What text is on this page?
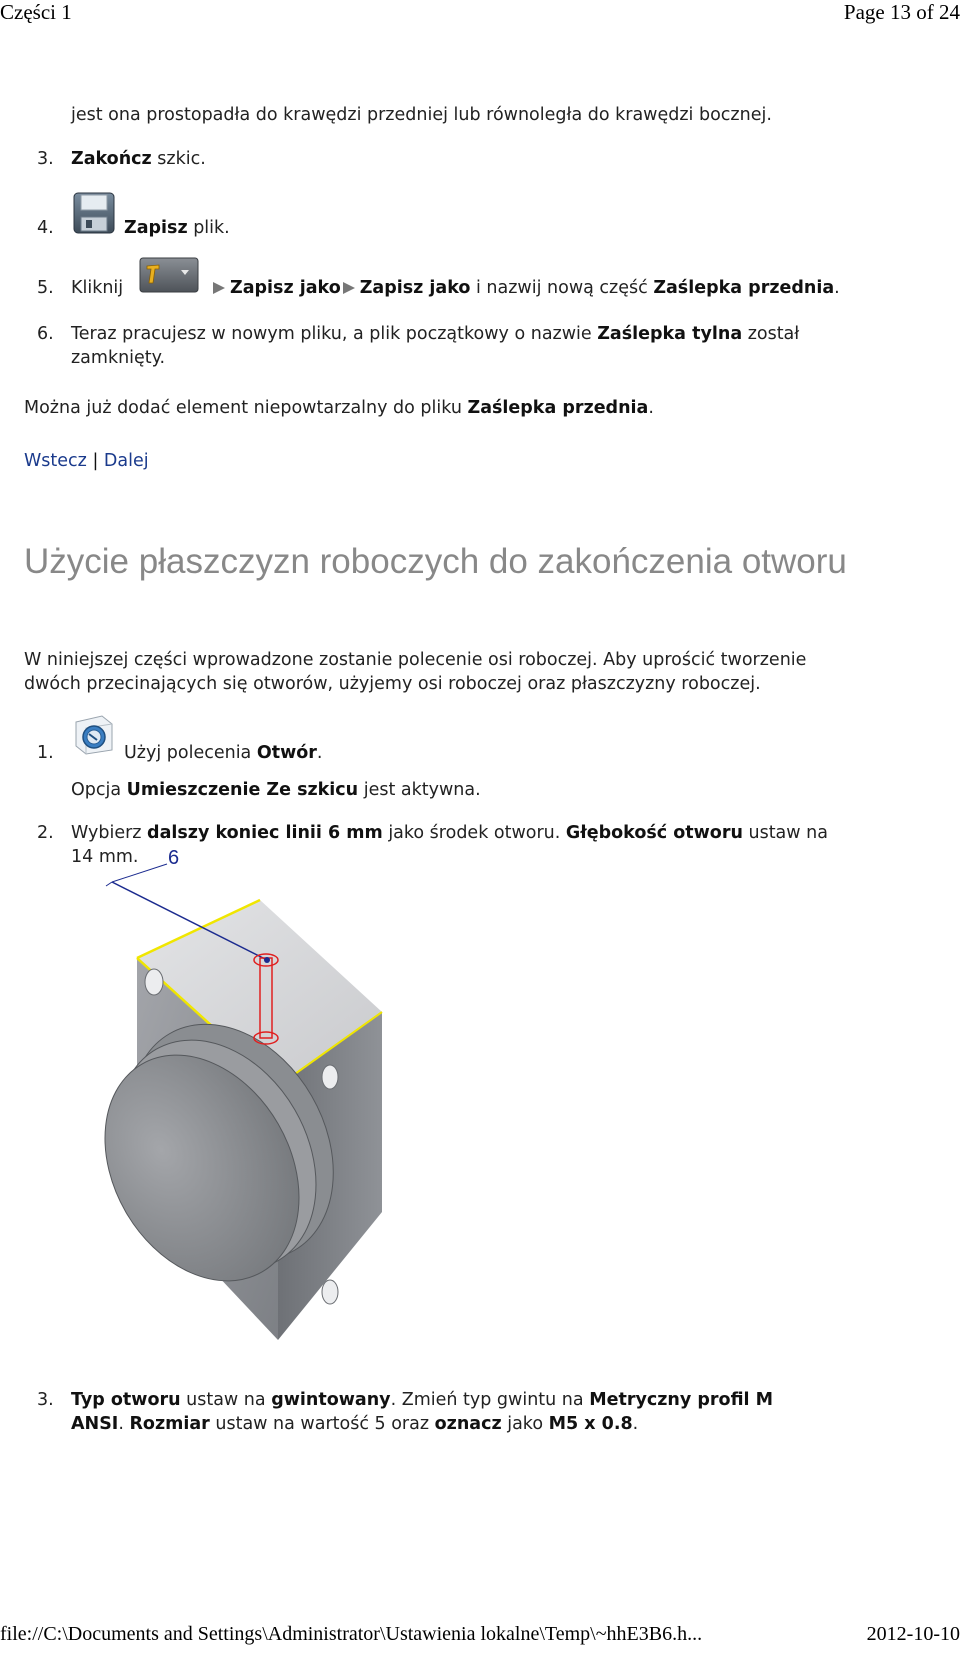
Części 1	Page 13 of 24
jest ona prostopadła do krawędzi przedniej lub równoległa do krawędzi bocznej.
3. Zakończ szkic.
4.	Zapisz plik.
5. Kliknij	Zapisz jako Zapisz jako i nazwij nową część Zaślepka przednia.
6. Teraz pracujesz w nowym pliku, a plik początkowy o nazwie Zaślepka tylna został
zamknięty.
Można już dodać element niepowtarzalny do pliku Zaślepka przednia.
Wstecz | Dalej
Użycie płaszczyzn roboczych do zakończenia otworu
W niniejszej części wprowadzone zostanie polecenie osi roboczej. Aby uprościć tworzenie
dwóch przecinających się otworów, użyjemy osi roboczej oraz płaszczyzny roboczej.
1.	Użyj polecenia Otwór.
Opcja Umieszczenie Ze szkicu jest aktywna.
2. Wybierz dalszy koniec linii 6 mm jako środek otworu. Głębokość otworu ustaw na
14 mm. 6
3. Typ otworu ustaw na gwintowany. Zmień typ gwintu na Metryczny profil M
ANSI. Rozmiar ustaw na wartość 5 oraz oznacz jako M5 x 0.8.
file://C:\Documents and Settings\Administrator\Ustawienia lokalne\Temp\~hhE3B6.h...	2012-10-10
